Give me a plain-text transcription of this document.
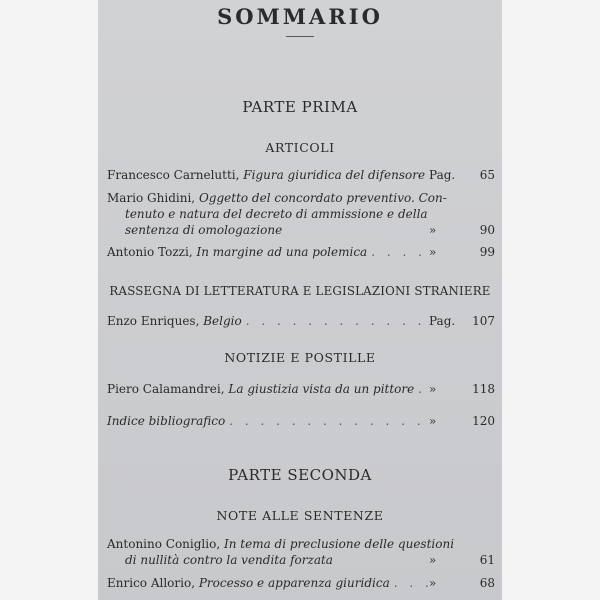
SOMMARIO
PARTE PRIMA
ARTICOLI
Francesco Carnelutti, Figura giuridica del difensore . . . Pag.	65
Mario Ghidini, Oggetto del concordato preventivo. Con-
tenuto e natura del decreto di ammissione e della
sentenza di omologazione	»	90
Antonio Tozzi, In margine ad una polemica . . .	»	99
RASSEGNA DI LETTERATURA E LEGISLAZIONI STRANIERE
Enzo Enriques, Belgio . . .	Pag.	107
NOTIZIE E POSTILLE
Piero Calamandrei, La giustizia vista da un pittore . . . »	118
Indice bibliografico . . .	»	120
PARTE SECONDA
NOTE ALLE SENTENZE
Antonino Coniglio, In tema di preclusione delle questioni
di nullità contro la vendita forzata	»	61
Enrico Allorio, Processo e apparenza giuridica . . .	»	68
